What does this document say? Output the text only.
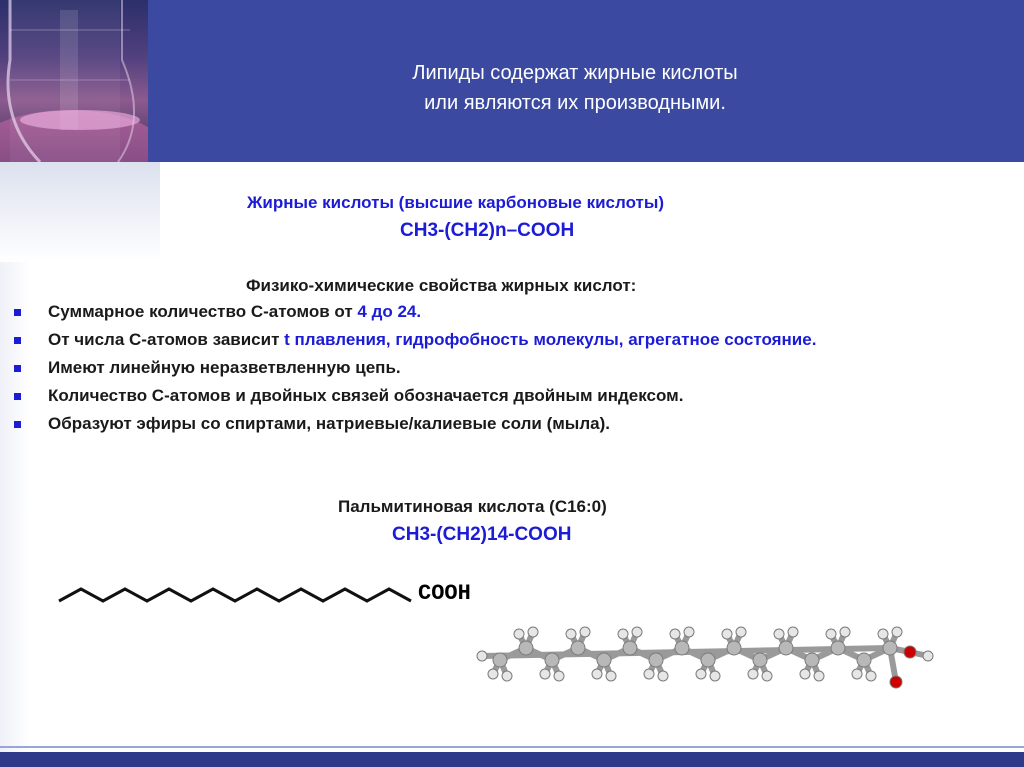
Липиды содержат жирные кислоты
или являются их производными.
Жирные кислоты (высшие карбоновые кислоты)
CH3-(CH2)n–COOH
Физико-химические свойства жирных кислот:
Суммарное количество С-атомов от 4 до 24.
От числа С-атомов зависит t плавления, гидрофобность молекулы, агрегатное состояние.
Имеют линейную неразветвленную цепь.
Количество С-атомов и двойных связей обозначается двойным индексом.
Образуют эфиры со спиртами, натриевые/калиевые соли (мыла).
Пальмитиновая кислота (С16:0)
CH3-(CH2)14-COOH
COOH
